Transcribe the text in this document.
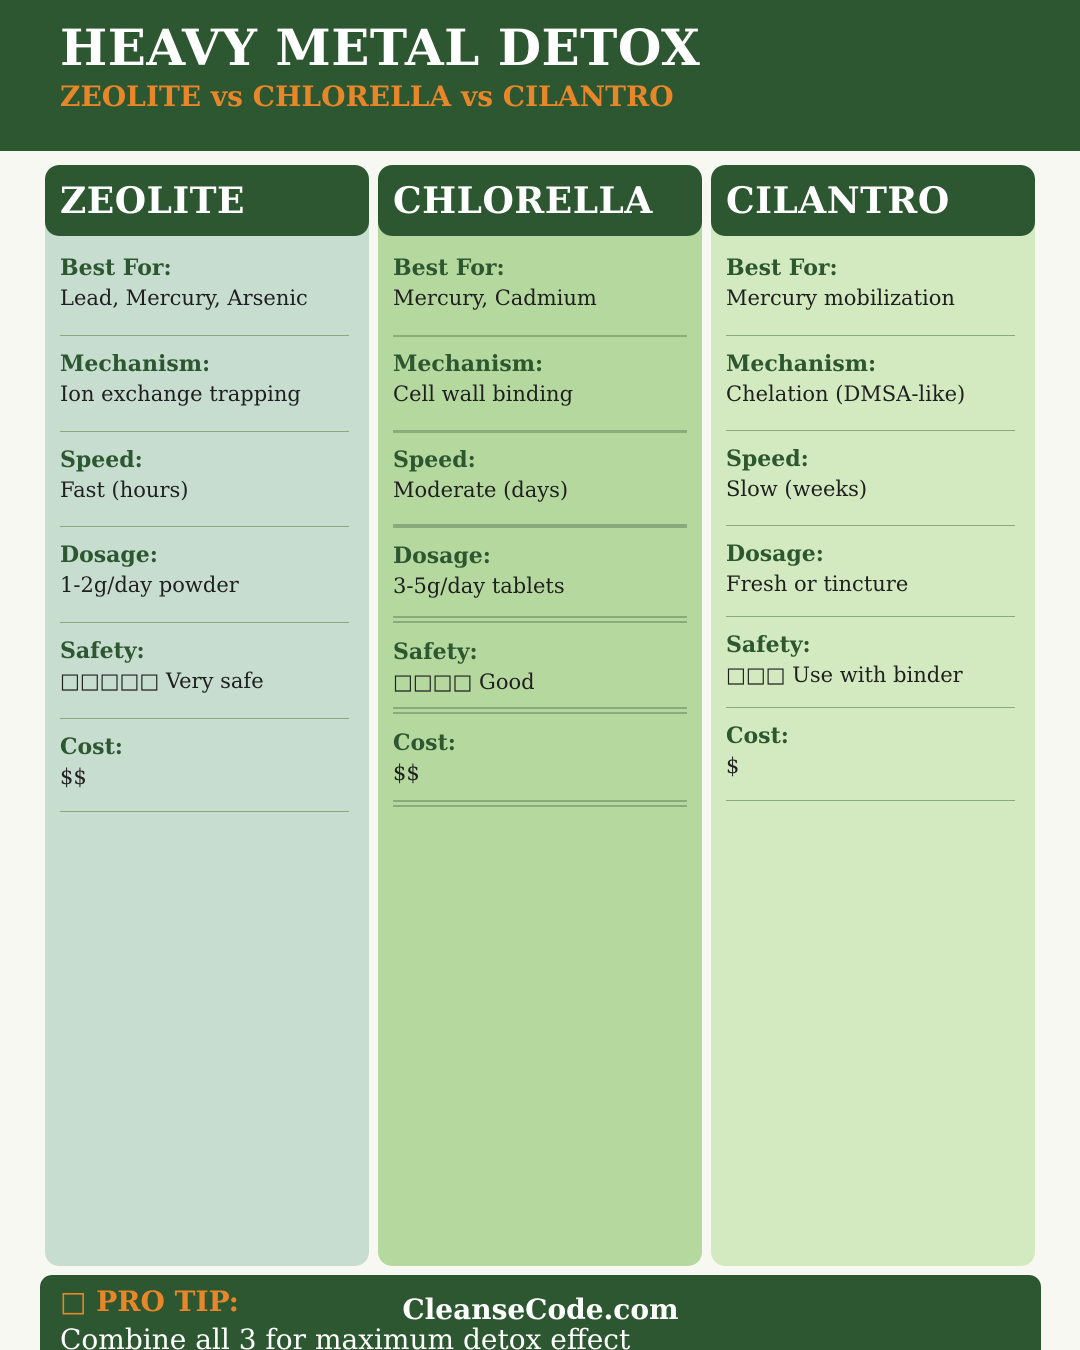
HEAVY METAL DETOX
ZEOLITE vs CHLORELLA vs CILANTRO
ZEOLITE
Best For:
Lead, Mercury, Arsenic
Mechanism:
Ion exchange trapping
Speed:
Fast (hours)
Dosage:
1-2g/day powder
Safety:
□□□□□ Very safe
Cost:
$$
CHLORELLA
Best For:
Mercury, Cadmium
Mechanism:
Cell wall binding
Speed:
Moderate (days)
Dosage:
3-5g/day tablets
Safety:
□□□□ Good
Cost:
$$
CILANTRO
Best For:
Mercury mobilization
Mechanism:
Chelation (DMSA-like)
Speed:
Slow (weeks)
Dosage:
Fresh or tincture
Safety:
□□□ Use with binder
Cost:
$
□ PRO TIP:	CleanseCode.com
Combine all 3 for maximum detox effect
